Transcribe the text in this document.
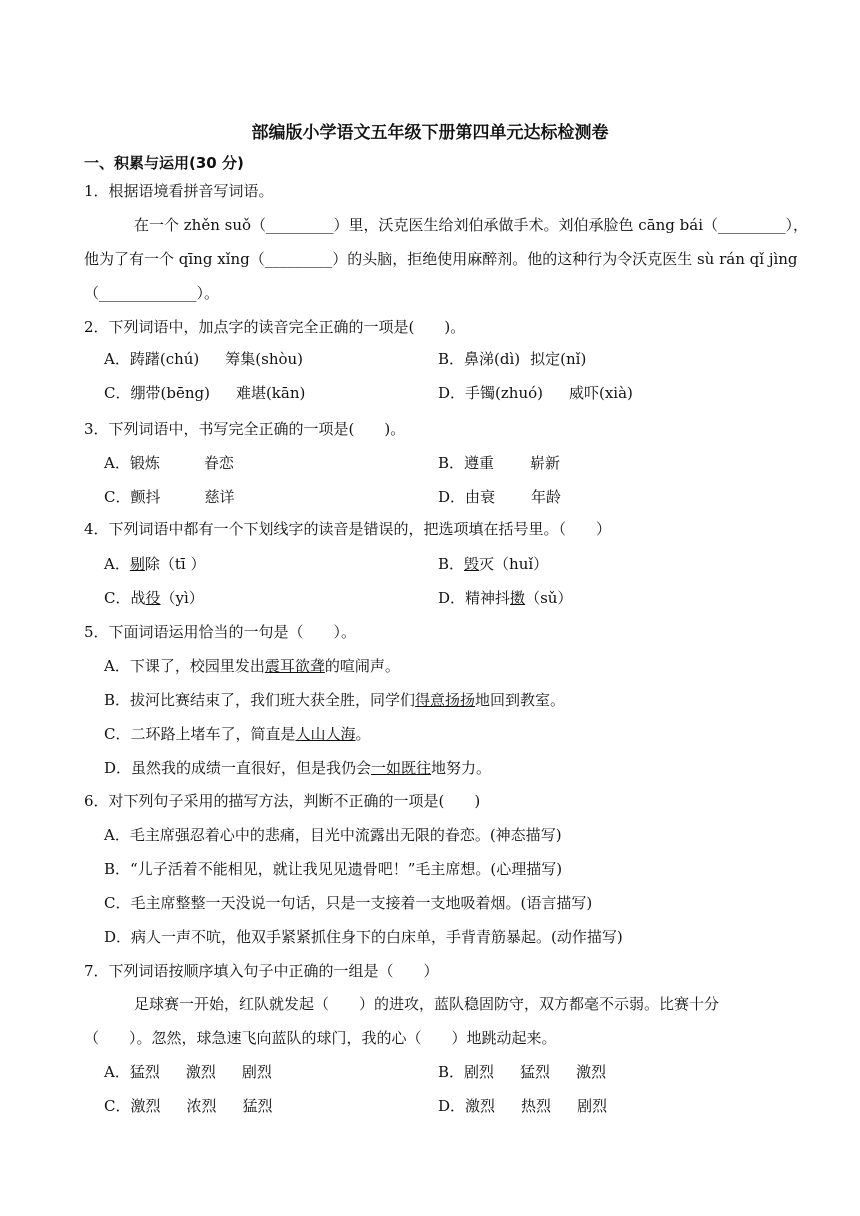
部编版小学语文五年级下册第四单元达标检测卷
一、积累与运用(30 分)
1．根据语境看拼音写词语。
在一个 zhěn suǒ（_________）里，沃克医生给刘伯承做手术。刘伯承脸色 cāng bái（_________），
他为了有一个 qīng xǐng（_________）的头脑，拒绝使用麻醉剂。他的这种行为令沃克医生 sù rán qǐ jìng
（_____________）。
2．下列词语中，加点字的读音完全正确的一项是(　　)。
A．踌躇(chú) 筹集(shòu)	B．鼻涕(dì) 拟定(nǐ)
C．绷带(bēng) 难堪(kān)	D．手镯(zhuó) 威吓(xià)
3．下列词语中，书写完全正确的一项是(　　)。
A．锻炼	眷恋	B．遵重 崭新
C．颤抖	慈详	D．由衰 年龄
4．下列词语中都有一个下划线字的读音是错误的，把选项填在括号里。（　　）
A．剔除（tī ）	B．毁灭（huǐ）
C．战役（yì）	D．精神抖擞（sǔ）
5．下面词语运用恰当的一句是（　　）。
A．下课了，校园里发出震耳欲聋的喧闹声。
B．拔河比赛结束了，我们班大获全胜，同学们得意扬扬地回到教室。
C．二环路上堵车了，简直是人山人海。
D．虽然我的成绩一直很好，但是我仍会一如既往地努力。
6．对下列句子采用的描写方法，判断不正确的一项是(　　)
A．毛主席强忍着心中的悲痛，目光中流露出无限的眷恋。(神态描写)
B．“儿子活着不能相见，就让我见见遗骨吧！”毛主席想。(心理描写)
C．毛主席整整一天没说一句话，只是一支接着一支地吸着烟。(语言描写)
D．病人一声不吭，他双手紧紧抓住身下的白床单，手背青筋暴起。(动作描写)
7．下列词语按顺序填入句子中正确的一组是（　　）
足球赛一开始，红队就发起（　　）的进攻，蓝队稳固防守，双方都毫不示弱。比赛十分
（　　）。忽然，球急速飞向蓝队的球门，我的心（　　）地跳动起来。
A．猛烈 激烈 剧烈	B．剧烈 猛烈 激烈
C．激烈 浓烈 猛烈	D．激烈 热烈 剧烈
